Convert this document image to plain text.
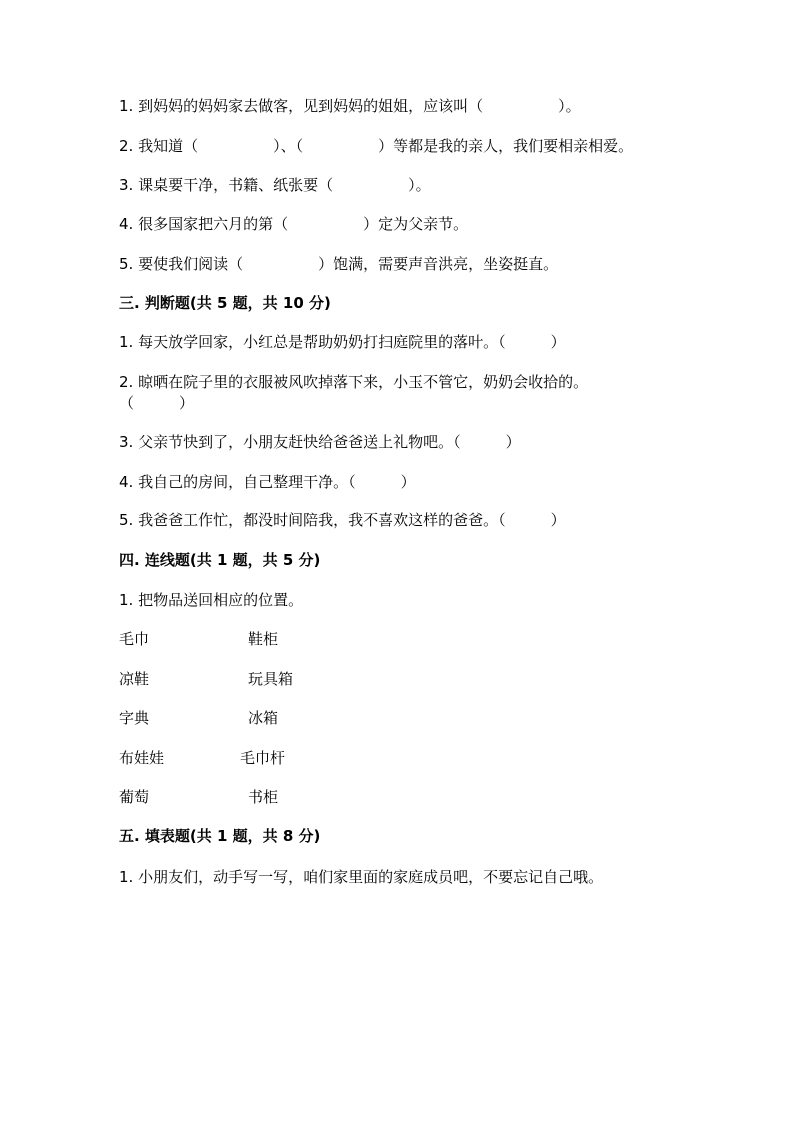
1. 到妈妈的妈妈家去做客，见到妈妈的姐姐，应该叫（　　　　　）。
2. 我知道（　　　　　）、（　　　　　）等都是我的亲人，我们要相亲相爱。
3. 课桌要干净，书籍、纸张要（　　　　　）。
4. 很多国家把六月的第（　　　　　）定为父亲节。
5. 要使我们阅读（　　　　　）饱满，需要声音洪亮，坐姿挺直。
三. 判断题(共 5 题，共 10 分)
1. 每天放学回家，小红总是帮助奶奶打扫庭院里的落叶。（　　　）
2. 晾晒在院子里的衣服被风吹掉落下来，小玉不管它，奶奶会收拾的。
（　　　）
3. 父亲节快到了，小朋友赶快给爸爸送上礼物吧。（　　　）
4. 我自己的房间，自己整理干净。（　　　）
5. 我爸爸工作忙，都没时间陪我，我不喜欢这样的爸爸。（　　　）
四. 连线题(共 1 题，共 5 分)
1. 把物品送回相应的位置。
毛巾	鞋柜
凉鞋	玩具箱
字典	冰箱
布娃娃	毛巾杆
葡萄	书柜
五. 填表题(共 1 题，共 8 分)
1. 小朋友们，动手写一写，咱们家里面的家庭成员吧，不要忘记自己哦。
